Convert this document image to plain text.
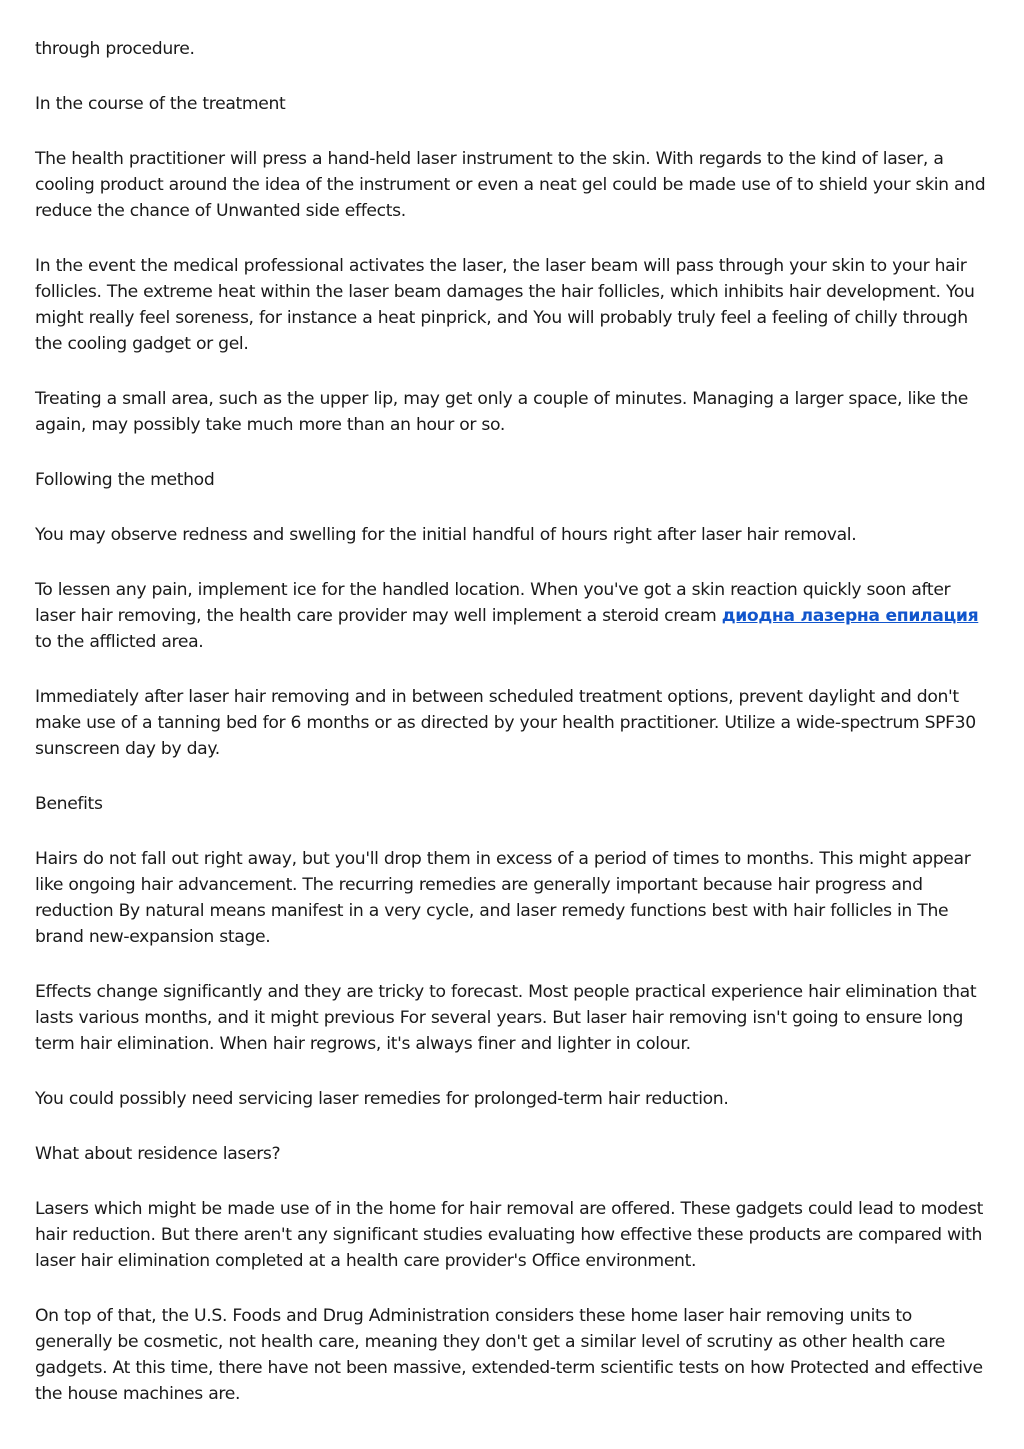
through procedure.

In the course of the treatment

The health practitioner will press a hand-held laser instrument to the skin. With regards to the kind of laser, a cooling product around the idea of the instrument or even a neat gel could be made use of to shield your skin and reduce the chance of Unwanted side effects.

In the event the medical professional activates the laser, the laser beam will pass through your skin to your hair follicles. The extreme heat within the laser beam damages the hair follicles, which inhibits hair development. You might really feel soreness, for instance a heat pinprick, and You will probably truly feel a feeling of chilly through the cooling gadget or gel.

Treating a small area, such as the upper lip, may get only a couple of minutes. Managing a larger space, like the again, may possibly take much more than an hour or so.

Following the method

You may observe redness and swelling for the initial handful of hours right after laser hair removal.

To lessen any pain, implement ice for the handled location. When you've got a skin reaction quickly soon after laser hair removing, the health care provider may well implement a steroid cream диодна лазерна епилация to the afflicted area.

Immediately after laser hair removing and in between scheduled treatment options, prevent daylight and don't make use of a tanning bed for 6 months or as directed by your health practitioner. Utilize a wide-spectrum SPF30 sunscreen day by day.

Benefits

Hairs do not fall out right away, but you'll drop them in excess of a period of times to months. This might appear like ongoing hair advancement. The recurring remedies are generally important because hair progress and reduction By natural means manifest in a very cycle, and laser remedy functions best with hair follicles in The brand new-expansion stage.

Effects change significantly and they are tricky to forecast. Most people practical experience hair elimination that lasts various months, and it might previous For several years. But laser hair removing isn't going to ensure long term hair elimination. When hair regrows, it's always finer and lighter in colour.

You could possibly need servicing laser remedies for prolonged-term hair reduction.

What about residence lasers?

Lasers which might be made use of in the home for hair removal are offered. These gadgets could lead to modest hair reduction. But there aren't any significant studies evaluating how effective these products are compared with laser hair elimination completed at a health care provider's Office environment.

On top of that, the U.S. Foods and Drug Administration considers these home laser hair removing units to generally be cosmetic, not health care, meaning they don't get a similar level of scrutiny as other health care gadgets. At this time, there have not been massive, extended-term scientific tests on how Protected and effective the house machines are.
